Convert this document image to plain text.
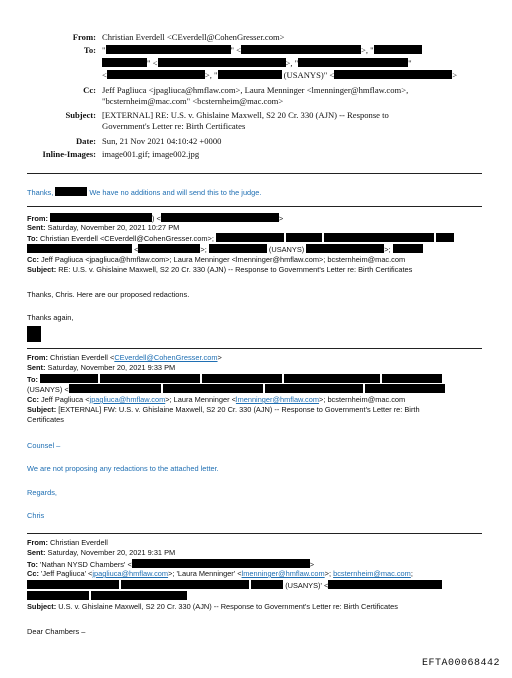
From: Christian Everdell <CEverdell@CohenGresser.com>
To: "	" <	>, "
" <	>, "	"
<	>, "	(USANYS)" <	>
Cc: Jeff Pagliuca <jpagliuca@hmflaw.com>, Laura Menninger <lmenninger@hmflaw.com>,
"bcsternheim@mac.com" <bcsternheim@mac.com>
Subject: [EXTERNAL] RE: U.S. v. Ghislaine Maxwell, S2 20 Cr. 330 (AJN) -- Response to
Government's Letter re: Birth Certificates
Date: Sun, 21 Nov 2021 04:10:42 +0000
Inline-Images: image001.gif; image002.jpg
Thanks,	We have no additions and will send this to the judge.
From:	) <	>
Sent: Saturday, November 20, 2021 10:27 PM
To: Christian Everdell <CEverdell@CohenGresser.com>;
<	>;	(USANYS)	>;
Cc: Jeff Pagliuca <jpagliuca@hmflaw.com>; Laura Menninger <lmenninger@hmflaw.com>; bcsternheim@mac.com
Subject: RE: U.S. v. Ghislaine Maxwell, S2 20 Cr. 330 (AJN) -- Response to Government's Letter re: Birth Certificates
Thanks, Chris. Here are our proposed redactions.
Thanks again,
From: Christian Everdell <CEverdell@CohenGresser.com>
Sent: Saturday, November 20, 2021 9:33 PM
To:
(USANYS) <
Cc: Jeff Pagliuca <jpagliuca@hmflaw.com>; Laura Menninger <lmenninger@hmflaw.com>; bcsternheim@mac.com
Subject: [EXTERNAL] FW: U.S. v. Ghislaine Maxwell, S2 20 Cr. 330 (AJN) -- Response to Government's Letter re: Birth
Certificates
Counsel –
We are not proposing any redactions to the attached letter.
Regards,
Chris
From: Christian Everdell
Sent: Saturday, November 20, 2021 9:31 PM
To: 'Nathan NYSD Chambers' <	>
Cc: 'Jeff Pagliuca' <jpagliuca@hmflaw.com>; 'Laura Menninger' <lmenninger@hmflaw.com>; bcsternheim@mac.com;
(USANYS)' <

Subject: U.S. v. Ghislaine Maxwell, S2 20 Cr. 330 (AJN) -- Response to Government's Letter re: Birth Certificates
Dear Chambers –
EFTA00068442
